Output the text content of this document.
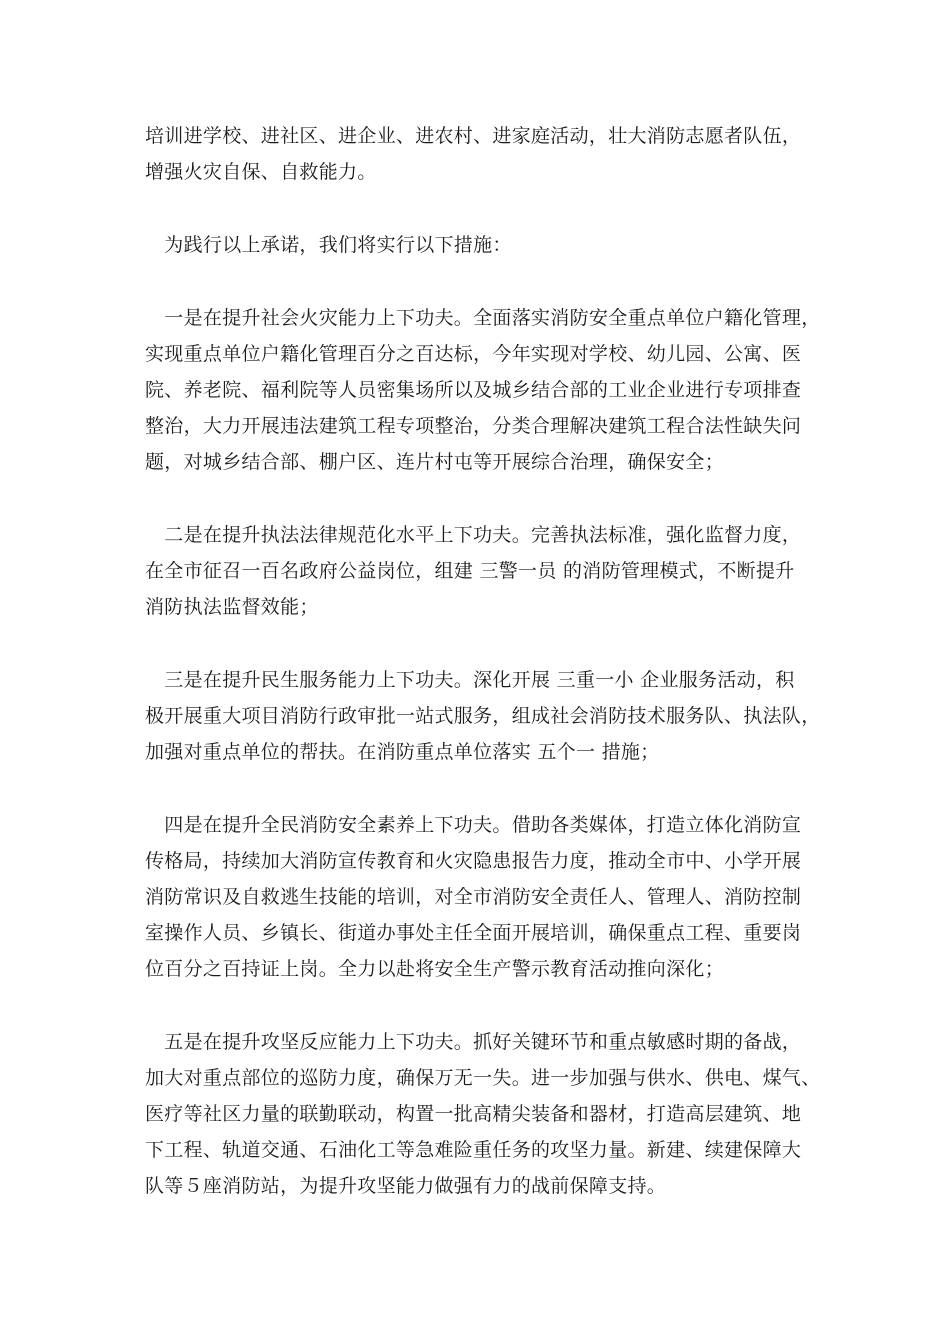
培训进学校、进社区、进企业、进农村、进家庭活动，壮大消防志愿者队伍，
增强火灾自保、自救能力。
　为践行以上承诺，我们将实行以下措施：
　一是在提升社会火灾能力上下功夫。全面落实消防安全重点单位户籍化管理，
实现重点单位户籍化管理百分之百达标，今年实现对学校、幼儿园、公寓、医
院、养老院、福利院等人员密集场所以及城乡结合部的工业企业进行专项排查
整治，大力开展违法建筑工程专项整治，分类合理解决建筑工程合法性缺失问
题，对城乡结合部、棚户区、连片村屯等开展综合治理，确保安全；
　二是在提升执法法律规范化水平上下功夫。完善执法标准，强化监督力度，
在全市征召一百名政府公益岗位，组建 三警一员 的消防管理模式，不断提升
消防执法监督效能；
　三是在提升民生服务能力上下功夫。深化开展 三重一小 企业服务活动，积
极开展重大项目消防行政审批一站式服务，组成社会消防技术服务队、执法队，
加强对重点单位的帮扶。在消防重点单位落实 五个一 措施；
　四是在提升全民消防安全素养上下功夫。借助各类媒体，打造立体化消防宣
传格局，持续加大消防宣传教育和火灾隐患报告力度，推动全市中、小学开展
消防常识及自救逃生技能的培训，对全市消防安全责任人、管理人、消防控制
室操作人员、乡镇长、街道办事处主任全面开展培训，确保重点工程、重要岗
位百分之百持证上岗。全力以赴将安全生产警示教育活动推向深化；
　五是在提升攻坚反应能力上下功夫。抓好关键环节和重点敏感时期的备战，
加大对重点部位的巡防力度，确保万无一失。进一步加强与供水、供电、煤气、
医疗等社区力量的联勤联动，构置一批高精尖装备和器材，打造高层建筑、地
下工程、轨道交通、石油化工等急难险重任务的攻坚力量。新建、续建保障大
队等５座消防站，为提升攻坚能力做强有力的战前保障支持。
